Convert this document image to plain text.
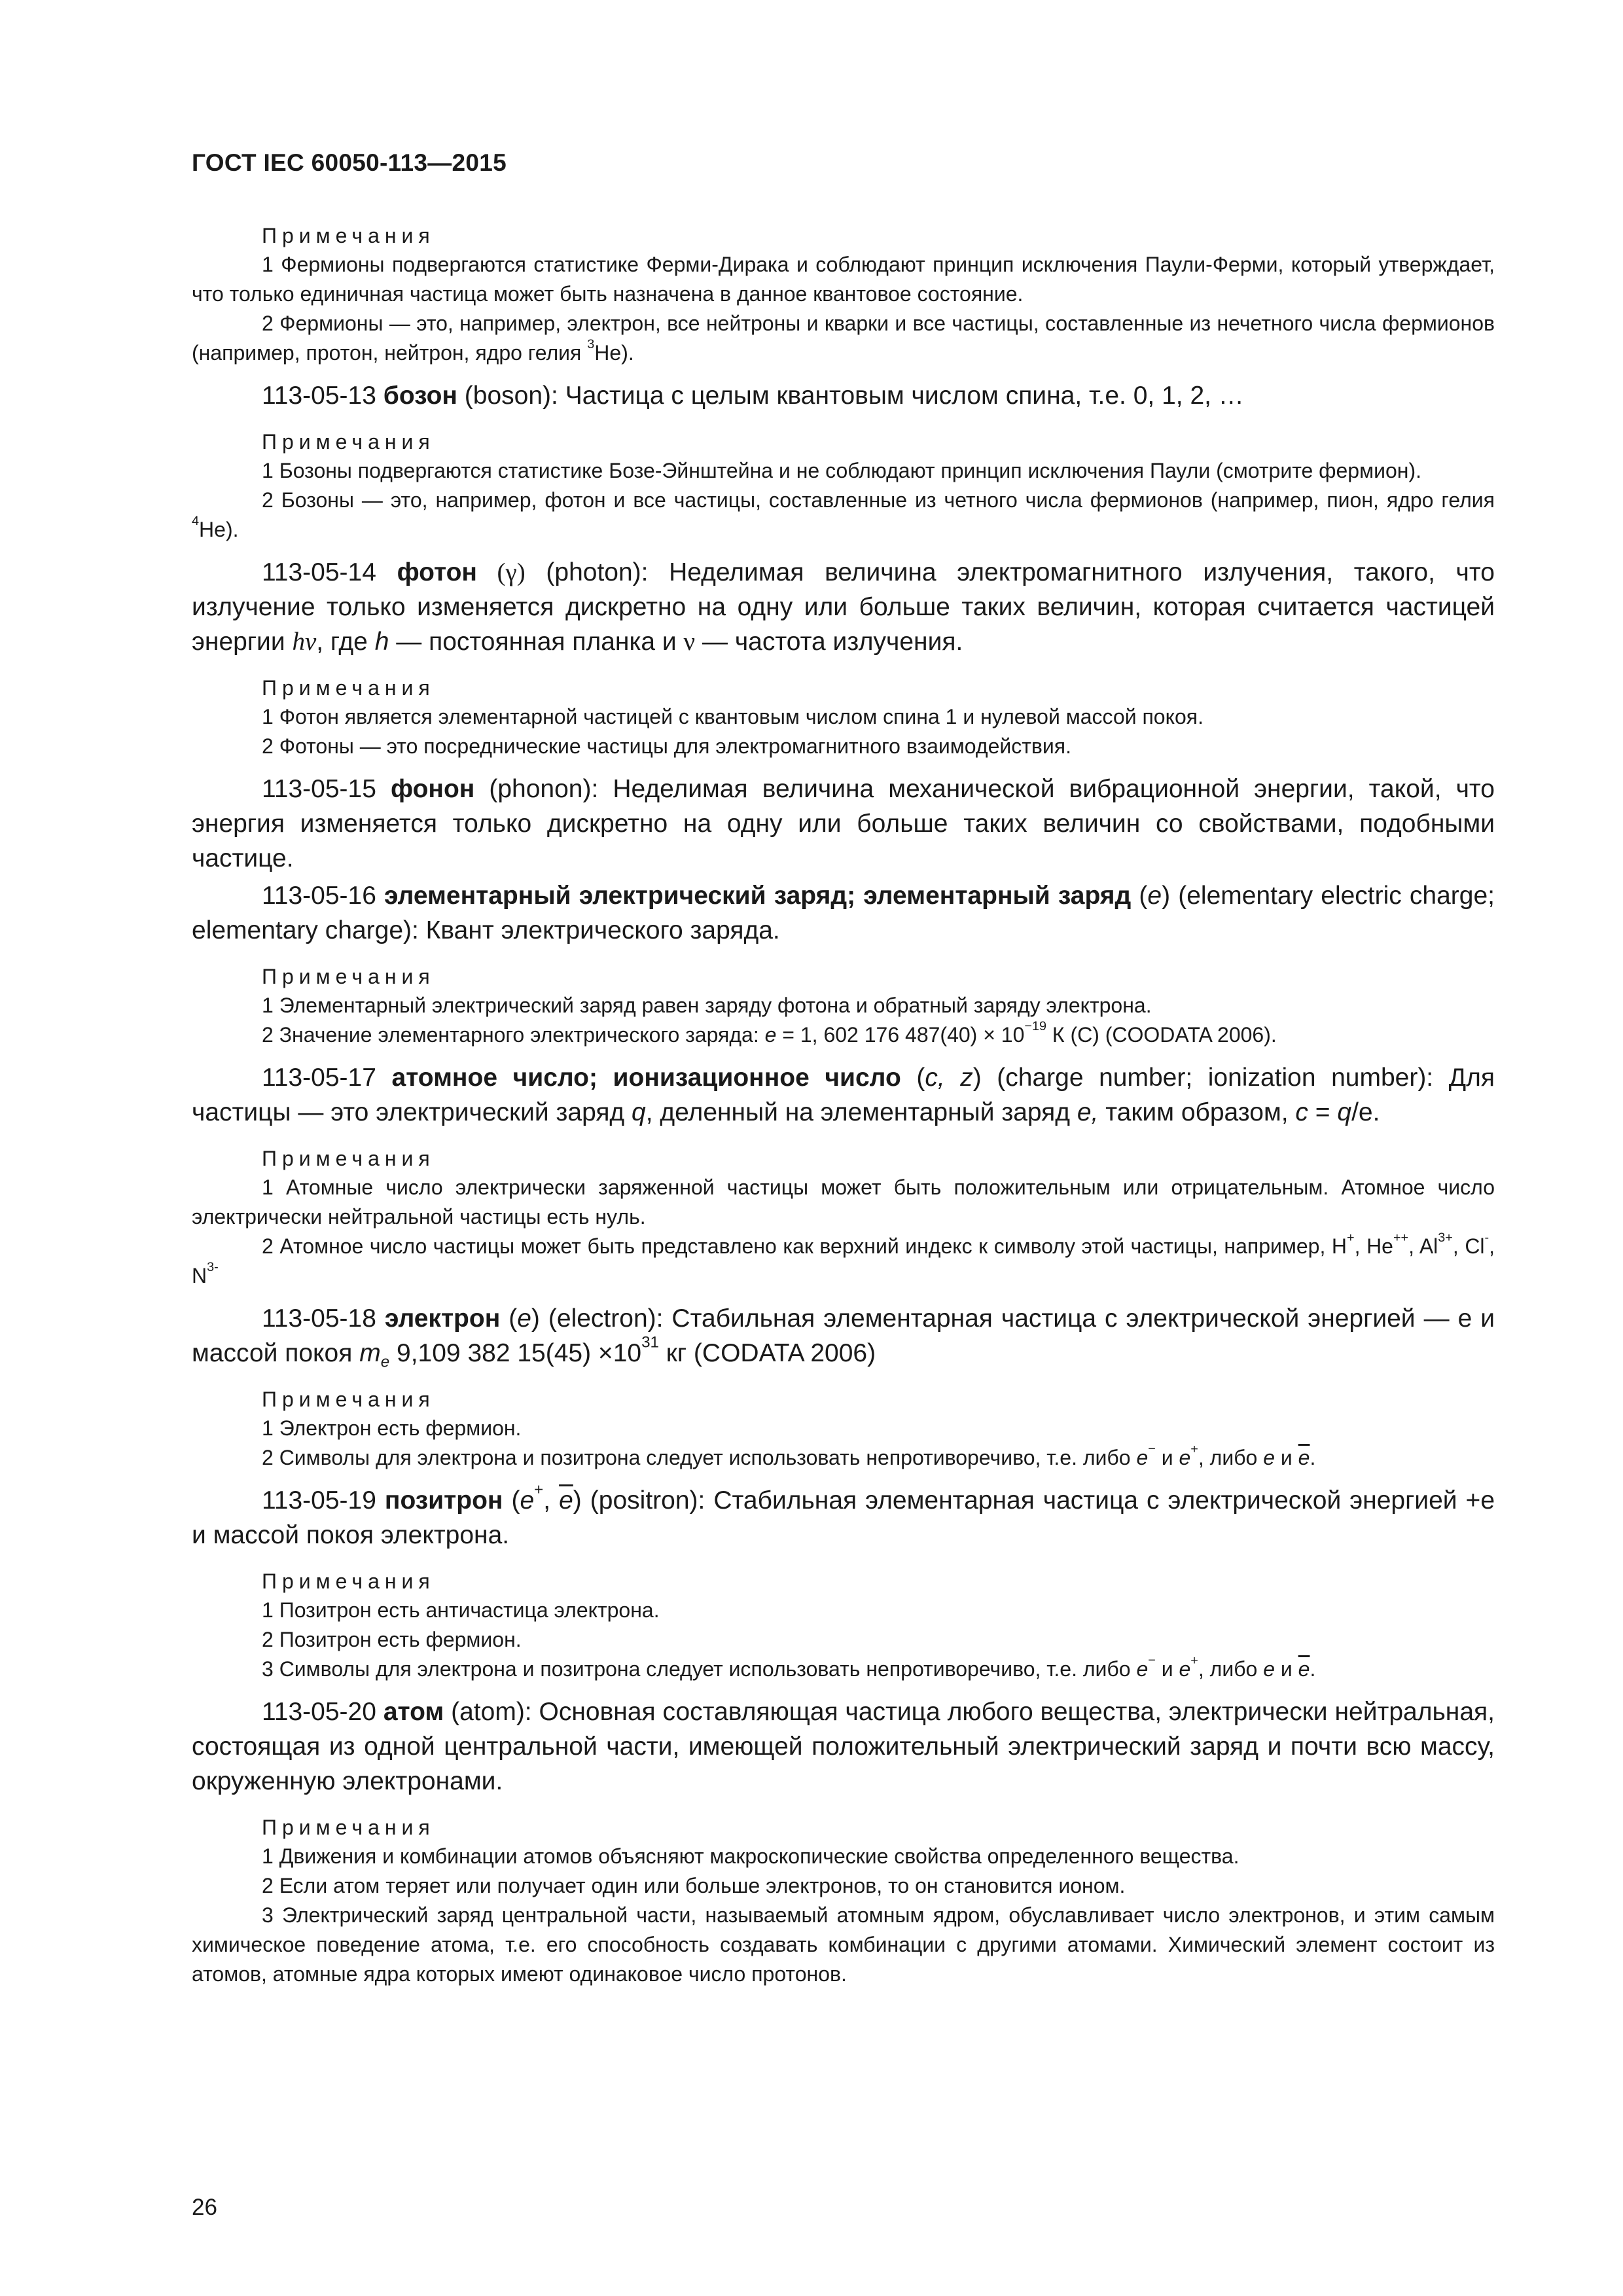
ГОСТ IEC 60050-113—2015
Примечания
1 Фермионы подвергаются статистике Ферми-Дирака и соблюдают принцип исключения Паули-Ферми, который утверждает, что только единичная частица может быть назначена в данное квантовое состояние.
2 Фермионы — это, например, электрон, все нейтроны и кварки и все частицы, составленные из нечетного числа фермионов (например, протон, нейтрон, ядро гелия $^3$He).
113-05-13 бозон (boson): Частица с целым квантовым числом спина, т.е. 0, 1, 2, …
Примечания
1 Бозоны подвергаются статистике Бозе-Эйнштейна и не соблюдают принцип исключения Паули (смотрите фермион).
2 Бозоны — это, например, фотон и все частицы, составленные из четного числа фермионов (например, пион, ядро гелия $^4$He).
113-05-14 фотон (γ) (photon): Неделимая величина электромагнитного излучения, такого, что излучение только изменяется дискретно на одну или больше таких величин, которая считается частицей энергии hν, где h — постоянная планка и ν — частота излучения.
Примечания
1 Фотон является элементарной частицей с квантовым числом спина 1 и нулевой массой покоя.
2 Фотоны — это посреднические частицы для электромагнитного взаимодействия.
113-05-15 фонон (phonon): Неделимая величина механической вибрационной энергии, такой, что энергия изменяется только дискретно на одну или больше таких величин со свойствами, подобными частице.
113-05-16 элементарный электрический заряд; элементарный заряд (e) (elementary electric charge; elementary charge): Квант электрического заряда.
Примечания
1 Элементарный электрический заряд равен заряду фотона и обратный заряду электрона.
2 Значение элементарного электрического заряда: e = 1, 602 176 $487(40) \times 10^{-19}$ К (С) (COODATA 2006).
113-05-17 атомное число; ионизационное число (c, z) (charge number; ionization number): Для частицы — это электрический заряд q, деленный на элементарный заряд e, таким образом, c = q/e.
Примечания
1 Атомные число электрически заряженной частицы может быть положительным или отрицательным. Атомное число электрически нейтральной частицы есть нуль.
2 Атомное число частицы может быть представлено как верхний индекс к символу этой частицы, например, H+, He++, $Al^{3+}$, Cl-, $N^{3-}$
113-05-18 электрон (e) (electron): Стабильная элементарная частица с электрической энергией — е и массой покоя $m_e$ 9,109 382 $15(45) \times 10^{31}$ кг (CODATA 2006)
Примечания
1 Электрон есть фермион.
2 Символы для электрона и позитрона следует использовать непротиворечиво, т.е. либо e− и e+, либо e и $\overline{e}$.
113-05-19 позитрон (e+, $\overline{e}$) (positron): Стабильная элементарная частица с электрической энергией +е и массой покоя электрона.
Примечания
1 Позитрон есть античастица электрона.
2 Позитрон есть фермион.
3 Символы для электрона и позитрона следует использовать непротиворечиво, т.е. либо e− и e+, либо e и $\overline{e}$.
113-05-20 атом (atom): Основная составляющая частица любого вещества, электрически нейтральная, состоящая из одной центральной части, имеющей положительный электрический заряд и почти всю массу, окруженную электронами.
Примечания
1 Движения и комбинации атомов объясняют макроскопические свойства определенного вещества.
2 Если атом теряет или получает один или больше электронов, то он становится ионом.
3 Электрический заряд центральной части, называемый атомным ядром, обуславливает число электронов, и этим самым химическое поведение атома, т.е. его способность создавать комбинации с другими атомами. Химический элемент состоит из атомов, атомные ядра которых имеют одинаковое число протонов.
26
